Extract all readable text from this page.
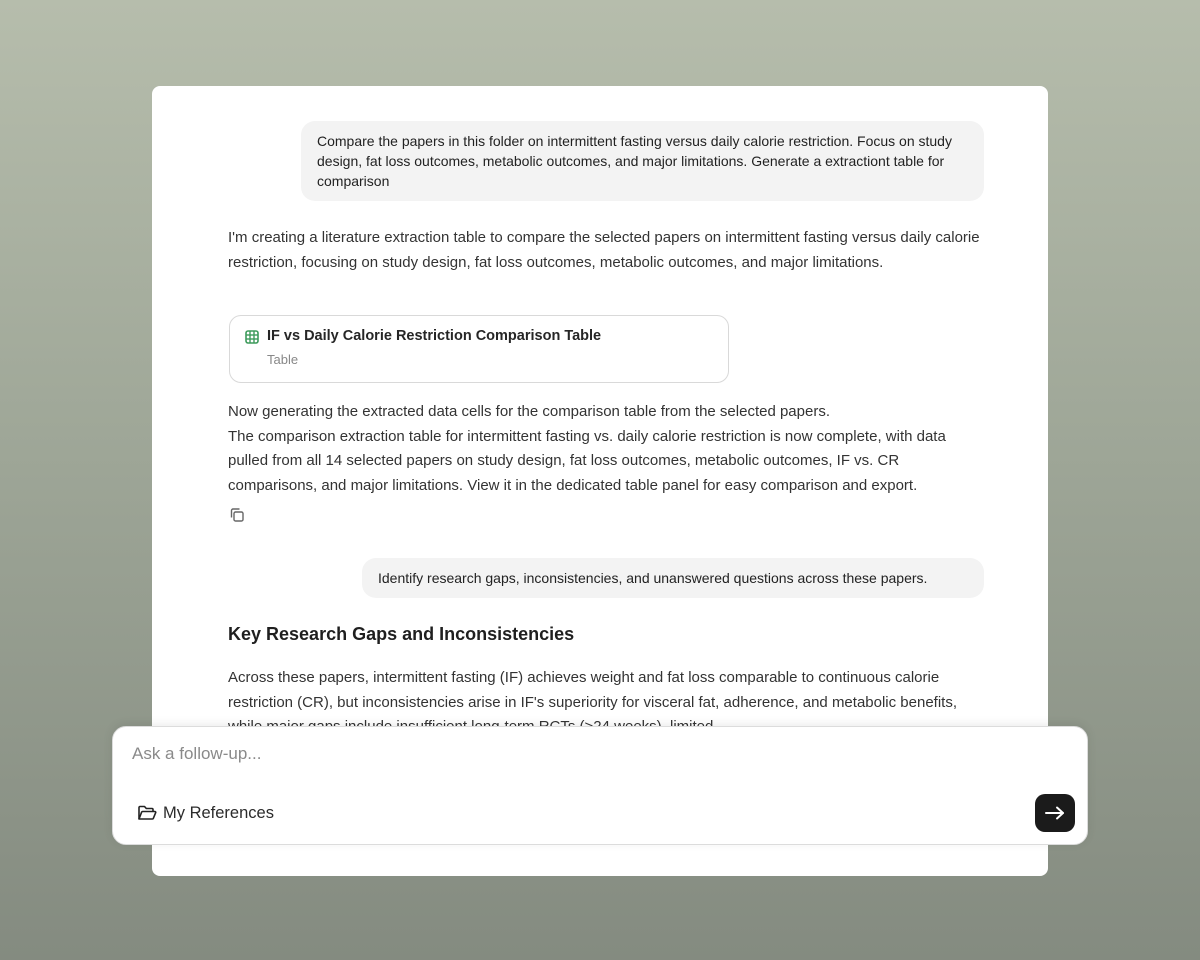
Compare the papers in this folder on intermittent fasting versus daily calorie restriction. Focus on study design, fat loss outcomes, metabolic outcomes, and major limitations. Generate a extractiont table for comparison

I'm creating a literature extraction table to compare the selected papers on intermittent fasting versus daily calorie restriction, focusing on study design, fat loss outcomes, metabolic outcomes, and major limitations.

IF vs Daily Calorie Restriction Comparison Table
Table
Now generating the extracted data cells for the comparison table from the selected papers.
The comparison extraction table for intermittent fasting vs. daily calorie restriction is now complete, with data pulled from all 14 selected papers on study design, fat loss outcomes, metabolic outcomes, IF vs. CR comparisons, and major limitations. View it in the dedicated table panel for easy comparison and export.
Identify research gaps, inconsistencies, and unanswered questions across these papers.
Key Research Gaps and Inconsistencies

Across these papers, intermittent fasting (IF) achieves weight and fat loss comparable to continuous calorie restriction (CR), but inconsistencies arise in IF's superiority for visceral fat, adherence, and metabolic benefits,

Ask a follow-up...
My References
